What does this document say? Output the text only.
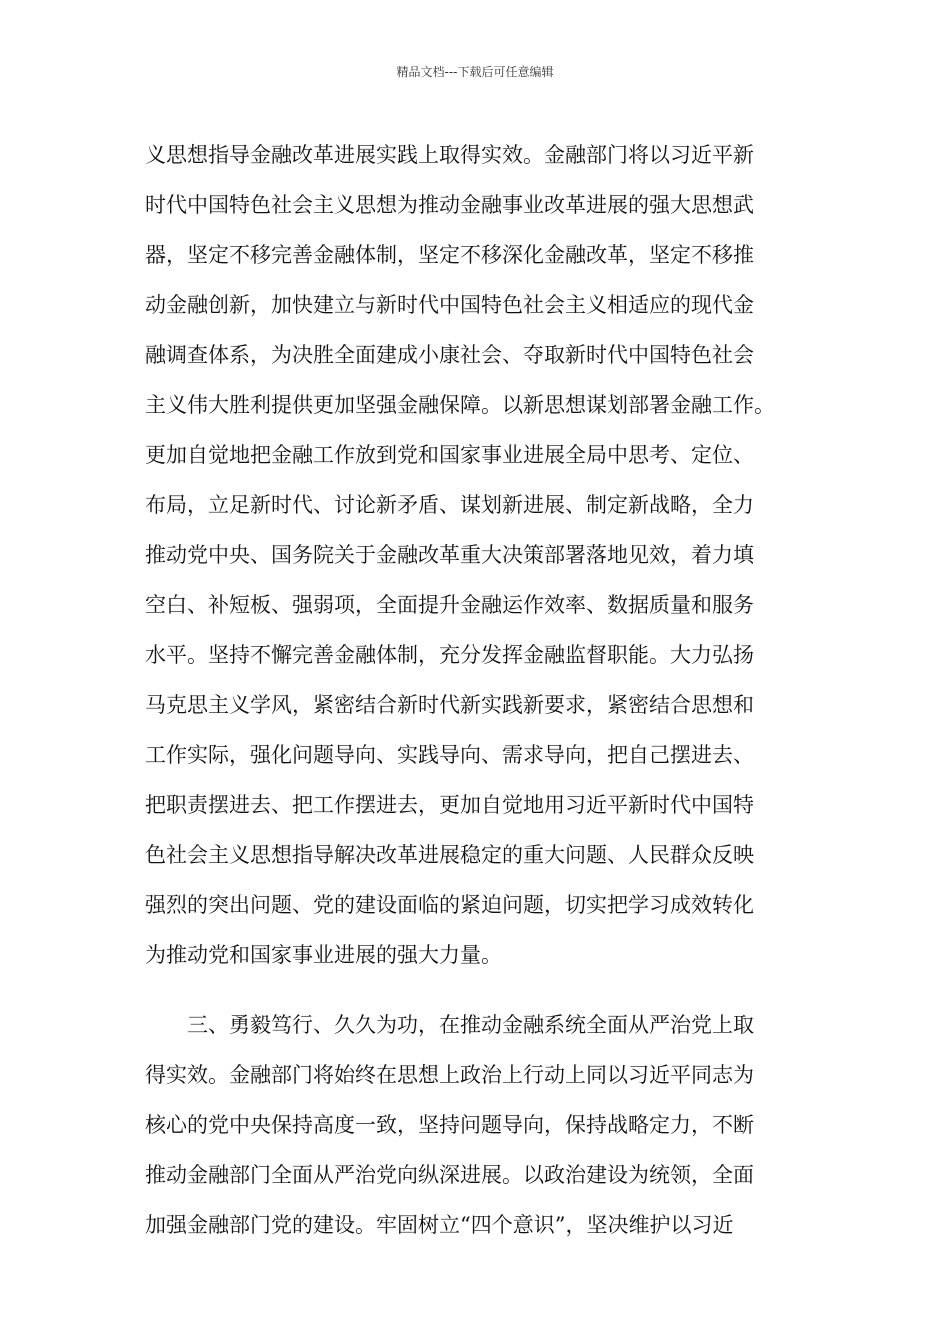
精品文档---下载后可任意编辑
义思想指导金融改革进展实践上取得实效。金融部门将以习近平新
时代中国特色社会主义思想为推动金融事业改革进展的强大思想武
器，坚定不移完善金融体制，坚定不移深化金融改革，坚定不移推
动金融创新，加快建立与新时代中国特色社会主义相适应的现代金
融调查体系，为决胜全面建成小康社会、夺取新时代中国特色社会
主义伟大胜利提供更加坚强金融保障。以新思想谋划部署金融工作。
更加自觉地把金融工作放到党和国家事业进展全局中思考、定位、
布局，立足新时代、讨论新矛盾、谋划新进展、制定新战略，全力
推动党中央、国务院关于金融改革重大决策部署落地见效，着力填
空白、补短板、强弱项，全面提升金融运作效率、数据质量和服务
水平。坚持不懈完善金融体制，充分发挥金融监督职能。大力弘扬
马克思主义学风，紧密结合新时代新实践新要求，紧密结合思想和
工作实际，强化问题导向、实践导向、需求导向，把自己摆进去、
把职责摆进去、把工作摆进去，更加自觉地用习近平新时代中国特
色社会主义思想指导解决改革进展稳定的重大问题、人民群众反映
强烈的突出问题、党的建设面临的紧迫问题，切实把学习成效转化
为推动党和国家事业进展的强大力量。
三、勇毅笃行、久久为功，在推动金融系统全面从严治党上取
得实效。金融部门将始终在思想上政治上行动上同以习近平同志为
核心的党中央保持高度一致，坚持问题导向，保持战略定力，不断
推动金融部门全面从严治党向纵深进展。以政治建设为统领，全面
加强金融部门党的建设。牢固树立“四个意识”，坚决维护以习近
